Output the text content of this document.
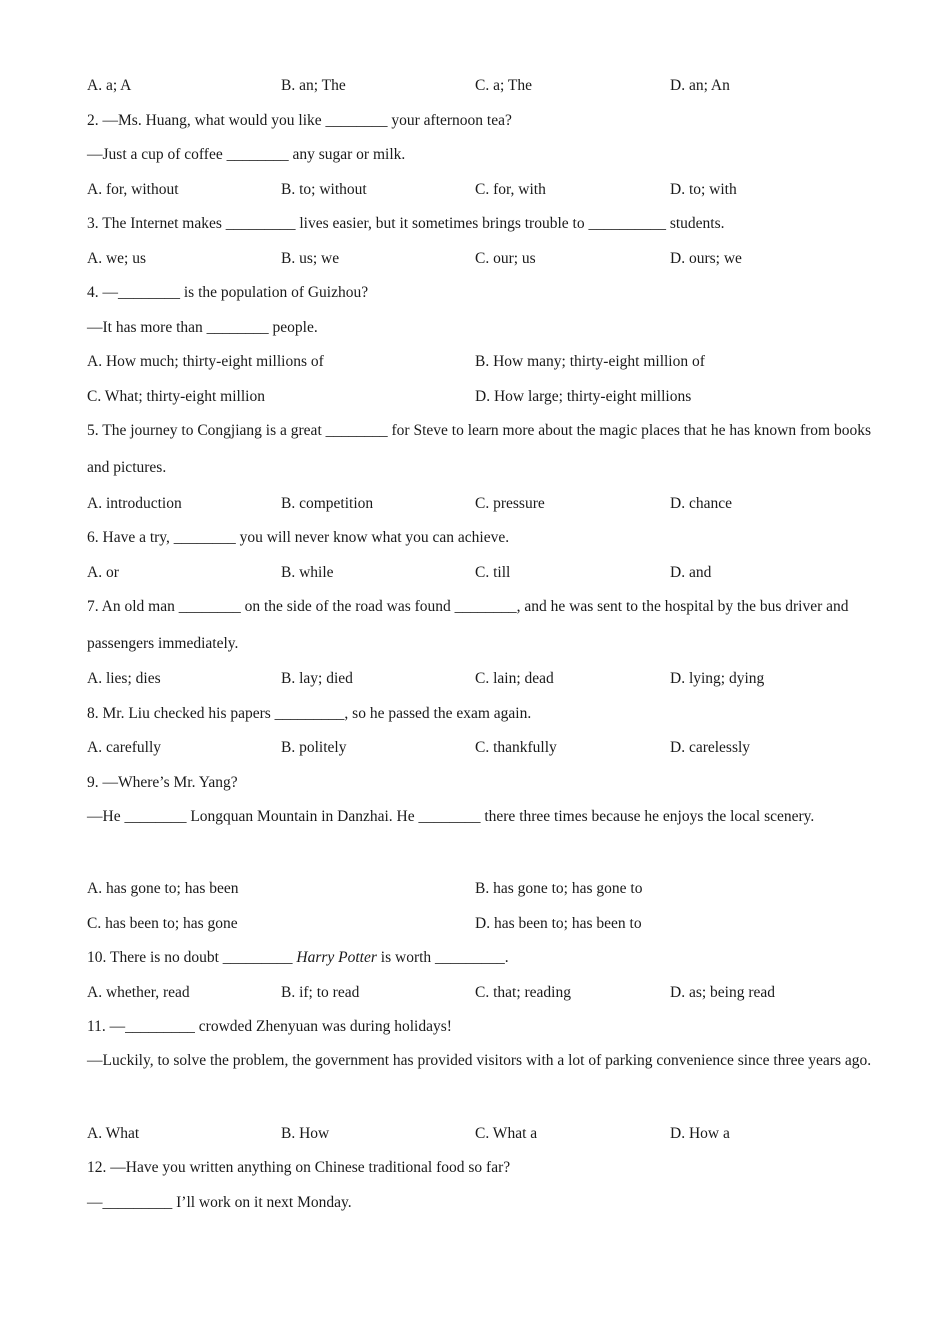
A. a; A	B. an; The	C. a; The	D. an; An
2. —Ms. Huang, what would you like ________ your afternoon tea?
—Just a cup of coffee ________ any sugar or milk.
A. for, without	B. to; without	C. for, with	D. to; with
3. The Internet makes _________ lives easier, but it sometimes brings trouble to __________ students.
A. we; us	B. us; we	C. our; us	D. ours; we
4. —________ is the population of Guizhou?
—It has more than ________ people.
A. How much; thirty-eight millions of	B. How many; thirty-eight million of
C. What; thirty-eight million	D. How large; thirty-eight millions
5. The journey to Congjiang is a great ________ for Steve to learn more about the magic places that he has known from books and pictures.
A. introduction	B. competition	C. pressure	D. chance
6. Have a try, ________ you will never know what you can achieve.
A. or	B. while	C. till	D. and
7. An old man ________ on the side of the road was found ________, and he was sent to the hospital by the bus driver and passengers immediately.
A. lies; dies	B. lay; died	C. lain; dead	D. lying; dying
8. Mr. Liu checked his papers _________, so he passed the exam again.
A. carefully	B. politely	C. thankfully	D. carelessly
9. —Where’s Mr. Yang?
—He ________ Longquan Mountain in Danzhai. He ________ there three times because he enjoys the local scenery.
A. has gone to; has been	B. has gone to; has gone to
C. has been to; has gone	D. has been to; has been to
10. There is no doubt _________ Harry Potter is worth _________.
A. whether, read	B. if; to read	C. that; reading	D. as; being read
11. —_________ crowded Zhenyuan was during holidays!
—Luckily, to solve the problem, the government has provided visitors with a lot of parking convenience since three years ago.
A. What	B. How	C. What a	D. How a
12. —Have you written anything on Chinese traditional food so far?
—_________ I’ll work on it next Monday.
